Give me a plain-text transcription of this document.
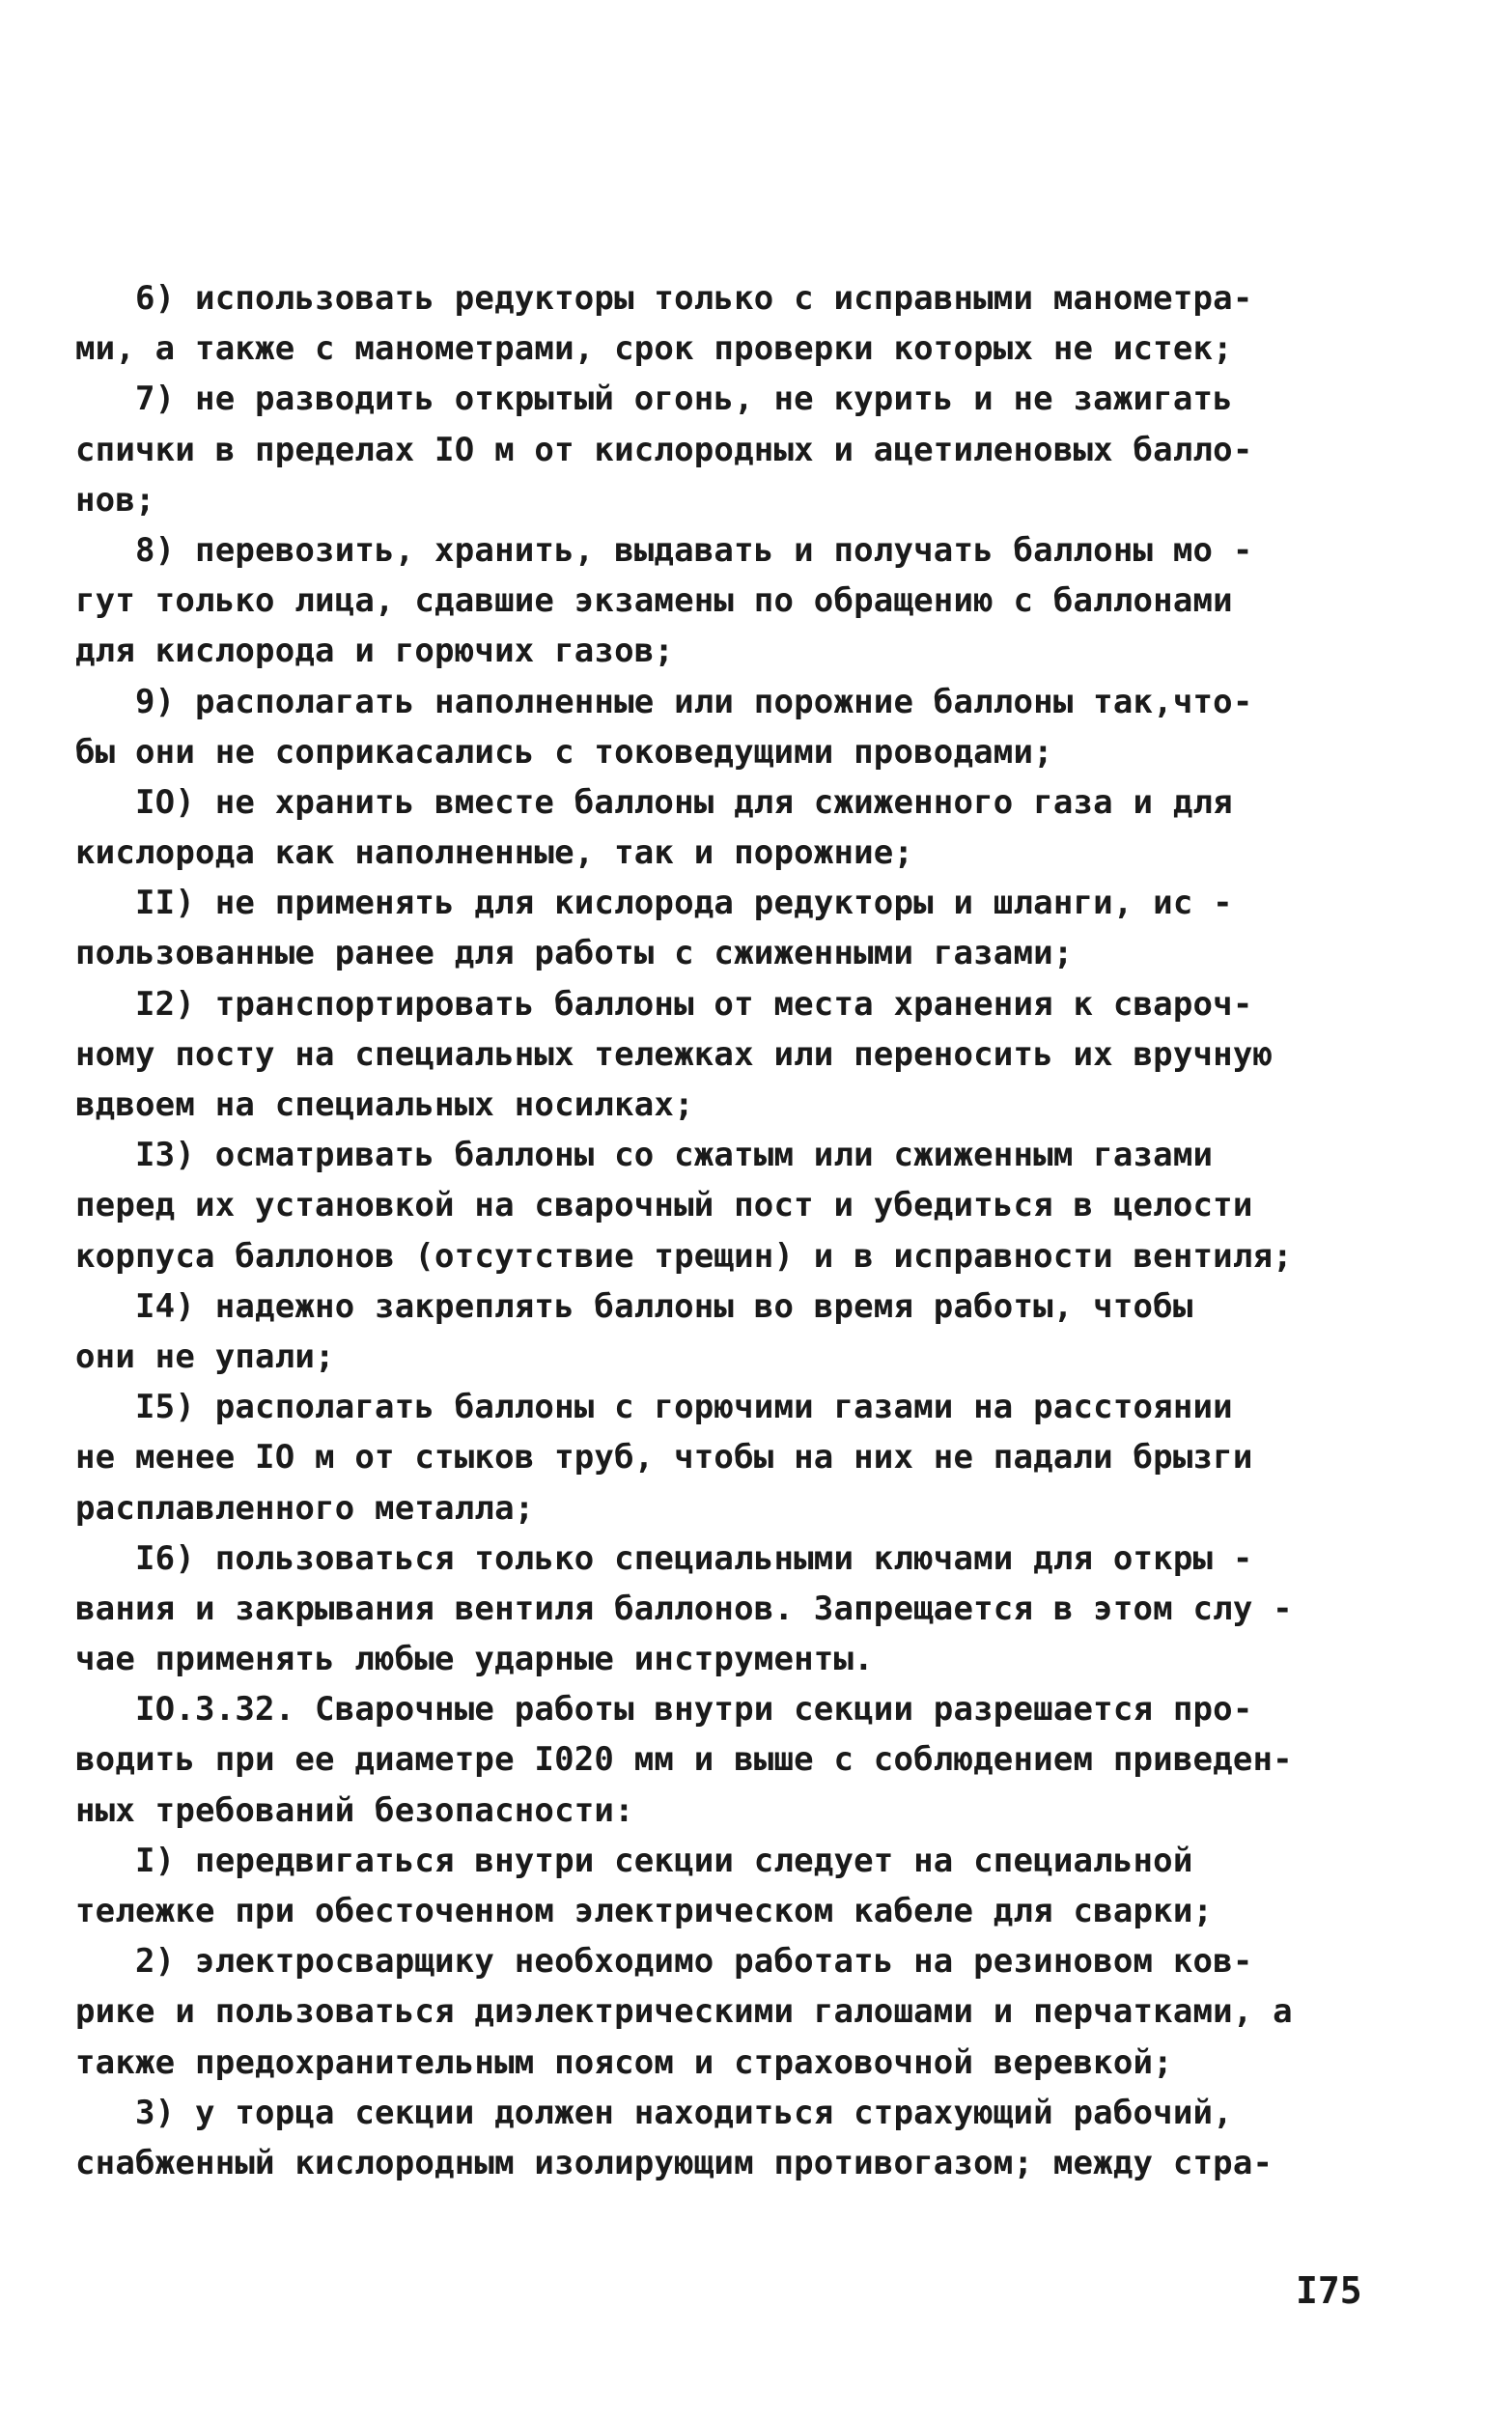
6) использовать редукторы только с исправными манометра-
ми, а также с манометрами, срок проверки которых не истек;
7) не разводить открытый огонь, не курить и не зажигать
спички в пределах IO м от кислородных и ацетиленовых балло-
нов;
8) перевозить, хранить, выдавать и получать баллоны мо -
гут только лица, сдавшие экзамены по обращению с баллонами
для кислорода и горючих газов;
9) располагать наполненные или порожние баллоны так,что-
бы они не соприкасались с токоведущими проводами;
IO) не хранить вместе баллоны для сжиженного газа и для
кислорода как наполненные, так и порожние;
II) не применять для кислорода редукторы и шланги, ис -
пользованные ранее для работы с сжиженными газами;
I2) транспортировать баллоны от места хранения к свароч-
ному посту на специальных тележках или переносить их вручную
вдвоем на специальных носилках;
I3) осматривать баллоны со сжатым или сжиженным газами
перед их установкой на сварочный пост и убедиться в целости
корпуса баллонов (отсутствие трещин) и в исправности вентиля;
I4) надежно закреплять баллоны во время работы, чтобы
они не упали;
I5) располагать баллоны с горючими газами на расстоянии
не менее IO м от стыков труб, чтобы на них не падали брызги
расплавленного металла;
I6) пользоваться только специальными ключами для откры -
вания и закрывания вентиля баллонов. Запрещается в этом слу -
чае применять любые ударные инструменты.
IO.3.32. Сварочные работы внутри секции разрешается про-
водить при ее диаметре I020 мм и выше с соблюдением приведен-
ных требований безопасности:
I) передвигаться внутри секции следует на специальной
тележке при обесточенном электрическом кабеле для сварки;
2) электросварщику необходимо работать на резиновом ков-
рике и пользоваться диэлектрическими галошами и перчатками, а
также предохранительным поясом и страховочной веревкой;
3) у торца секции должен находиться страхующий рабочий,
снабженный кислородным изолирующим противогазом; между стра-
I75
